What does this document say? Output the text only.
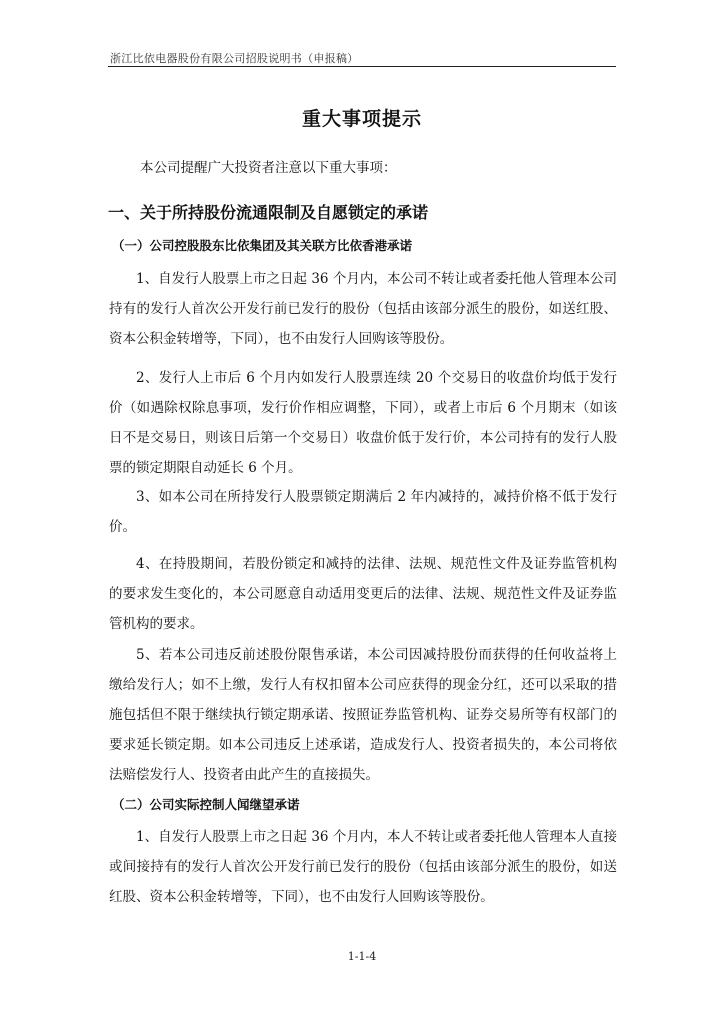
浙江比依电器股份有限公司招股说明书（申报稿）
重大事项提示
本公司提醒广大投资者注意以下重大事项：
一、关于所持股份流通限制及自愿锁定的承诺
（一）公司控股股东比依集团及其关联方比依香港承诺

1、自发行人股票上市之日起 36 个月内，本公司不转让或者委托他人管理本公司持有的发行人首次公开发行前已发行的股份（包括由该部分派生的股份，如送红股、资本公积金转增等，下同），也不由发行人回购该等股份。

2、发行人上市后 6 个月内如发行人股票连续 20 个交易日的收盘价均低于发行价（如遇除权除息事项，发行价作相应调整，下同），或者上市后 6 个月期末（如该日不是交易日，则该日后第一个交易日）收盘价低于发行价，本公司持有的发行人股票的锁定期限自动延长 6 个月。

3、如本公司在所持发行人股票锁定期满后 2 年内减持的，减持价格不低于发行价。

4、在持股期间，若股份锁定和减持的法律、法规、规范性文件及证券监管机构的要求发生变化的，本公司愿意自动适用变更后的法律、法规、规范性文件及证券监管机构的要求。

5、若本公司违反前述股份限售承诺，本公司因减持股份而获得的任何收益将上缴给发行人；如不上缴，发行人有权扣留本公司应获得的现金分红，还可以采取的措施包括但不限于继续执行锁定期承诺、按照证券监管机构、证券交易所等有权部门的要求延长锁定期。如本公司违反上述承诺，造成发行人、投资者损失的，本公司将依法赔偿发行人、投资者由此产生的直接损失。

（二）公司实际控制人闻继望承诺

1、自发行人股票上市之日起 36 个月内，本人不转让或者委托他人管理本人直接或间接持有的发行人首次公开发行前已发行的股份（包括由该部分派生的股份，如送红股、资本公积金转增等，下同），也不由发行人回购该等股份。

1-1-4
